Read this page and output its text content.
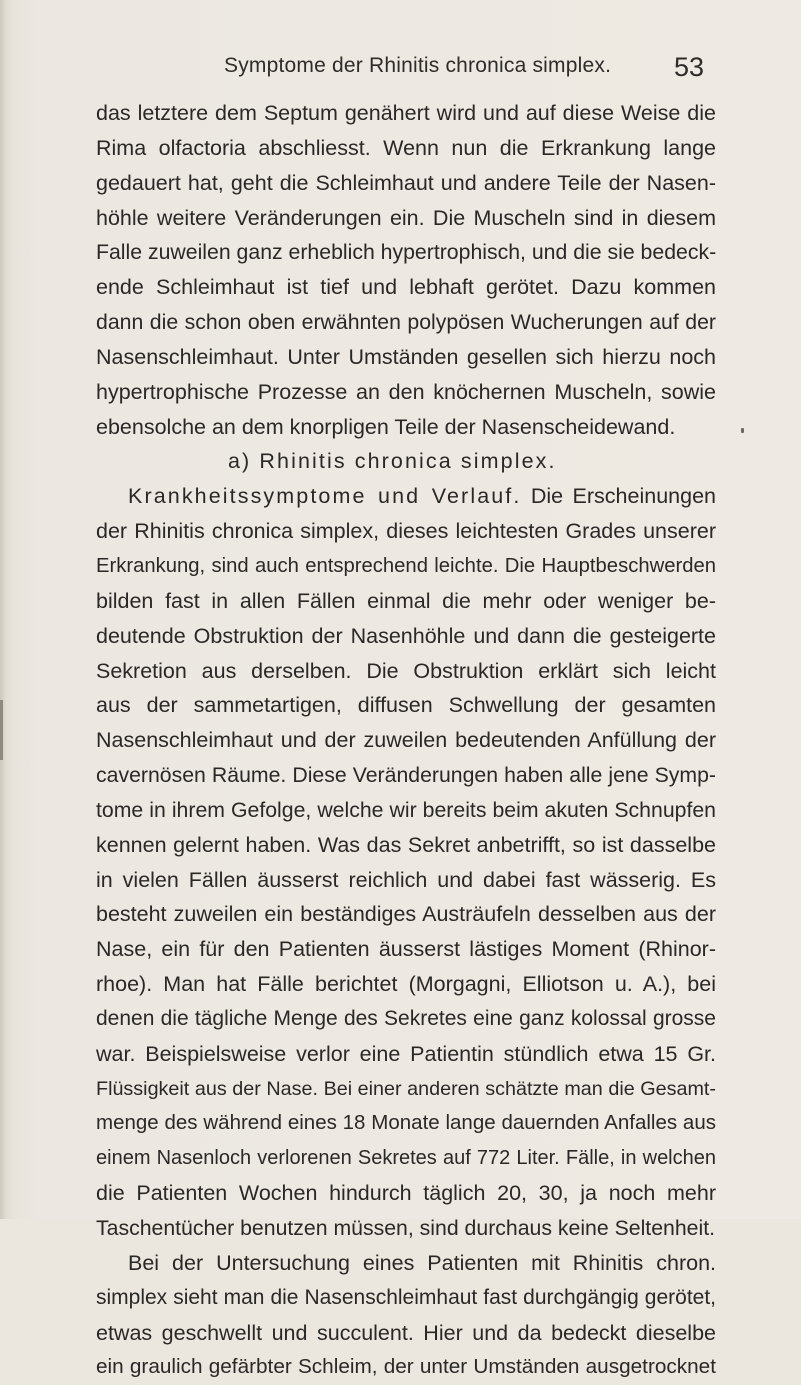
Symptome der Rhinitis chronica simplex. 53
das letztere dem Septum genähert wird und auf diese Weise die
Rima olfactoria abschliesst. Wenn nun die Erkrankung lange
gedauert hat, geht die Schleimhaut und andere Teile der Nasen-
höhle weitere Veränderungen ein. Die Muscheln sind in diesem
Falle zuweilen ganz erheblich hypertrophisch, und die sie bedeck-
ende Schleimhaut ist tief und lebhaft gerötet. Dazu kommen
dann die schon oben erwähnten polypösen Wucherungen auf der
Nasenschleimhaut. Unter Umständen gesellen sich hierzu noch
hypertrophische Prozesse an den knöchernen Muscheln, sowie
ebensolche an dem knorpligen Teile der Nasenscheidewand.
a) Rhinitis chronica simplex.
Krankheitssymptome und Verlauf. Die Erscheinungen
der Rhinitis chronica simplex, dieses leichtesten Grades unserer
Erkrankung, sind auch entsprechend leichte. Die Hauptbeschwerden
bilden fast in allen Fällen einmal die mehr oder weniger be-
deutende Obstruktion der Nasenhöhle und dann die gesteigerte
Sekretion aus derselben. Die Obstruktion erklärt sich leicht
aus der sammetartigen, diffusen Schwellung der gesamten
Nasenschleimhaut und der zuweilen bedeutenden Anfüllung der
cavernösen Räume. Diese Veränderungen haben alle jene Symp-
tome in ihrem Gefolge, welche wir bereits beim akuten Schnupfen
kennen gelernt haben. Was das Sekret anbetrifft, so ist dasselbe
in vielen Fällen äusserst reichlich und dabei fast wässerig. Es
besteht zuweilen ein beständiges Austräufeln desselben aus der
Nase, ein für den Patienten äusserst lästiges Moment (Rhinor-
rhoe). Man hat Fälle berichtet (Morgagni, Elliotson u. A.), bei
denen die tägliche Menge des Sekretes eine ganz kolossal grosse
war. Beispielsweise verlor eine Patientin stündlich etwa 15 Gr.
Flüssigkeit aus der Nase. Bei einer anderen schätzte man die Gesamt-
menge des während eines 18 Monate lange dauernden Anfalles aus
einem Nasenloch verlorenen Sekretes auf 772 Liter. Fälle, in welchen
die Patienten Wochen hindurch täglich 20, 30, ja noch mehr
Taschentücher benutzen müssen, sind durchaus keine Seltenheit.
Bei der Untersuchung eines Patienten mit Rhinitis chron.
simplex sieht man die Nasenschleimhaut fast durchgängig gerötet,
etwas geschwellt und succulent. Hier und da bedeckt dieselbe
ein graulich gefärbter Schleim, der unter Umständen ausgetrocknet
